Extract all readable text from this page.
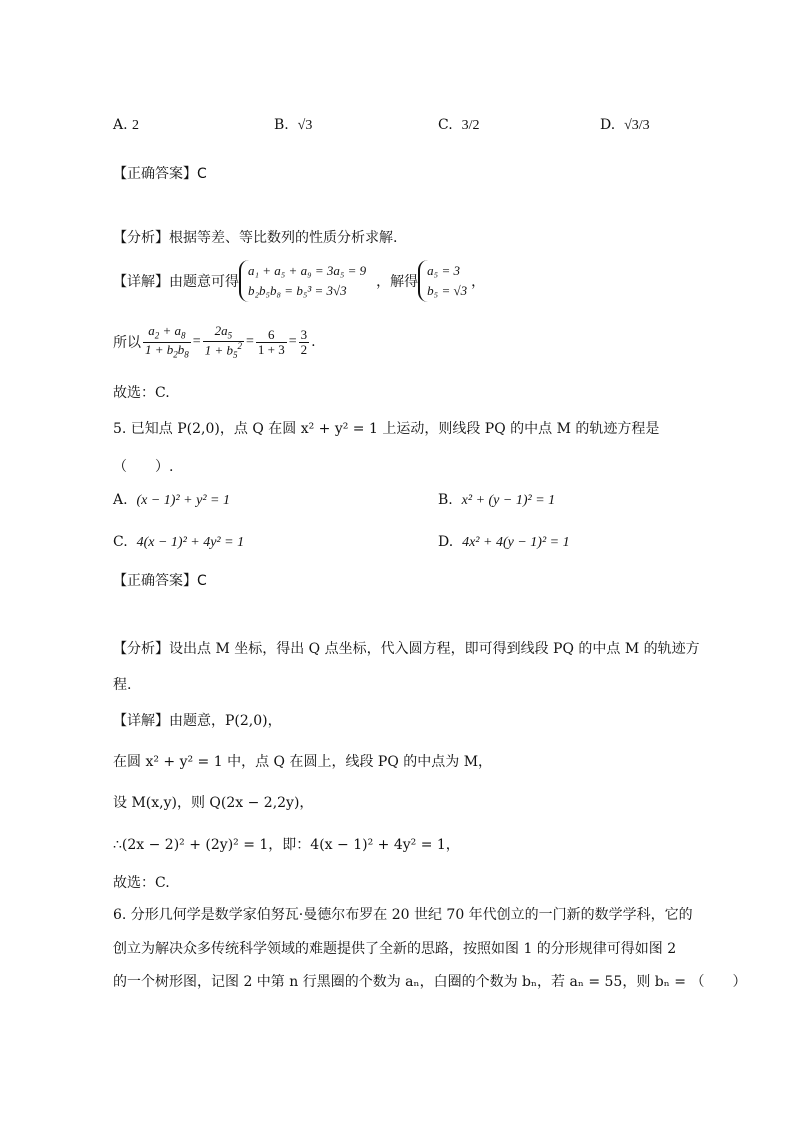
A. 2	B. √3	C. 3/2	D. √3/3
【正确答案】C
【分析】根据等差、等比数列的性质分析求解.
【详解】由题意可得
a₁ + a₅ + a₉ = 3a₅ = 9
b₂b₅b₈ = b₅³ = 3√3
，解得
a₅ = 3
b₅ = √3
，
所以 $\frac{a_2 + a_8}{1 + b_2b_8} = \frac{2a_5}{1 + b_5^2} = \frac{6}{1 + 3} = \frac{3}{2}$ .
故选：C.
5. 已知点 P(2,0)，点 Q 在圆 x² + y² = 1 上运动，则线段 PQ 的中点 M 的轨迹方程是
（　　）.
A. (x − 1)² + y² = 1	B. x² + (y − 1)² = 1
C. 4(x − 1)² + 4y² = 1	D. 4x² + 4(y − 1)² = 1
【正确答案】C
【分析】设出点 M 坐标，得出 Q 点坐标，代入圆方程，即可得到线段 PQ 的中点 M 的轨迹方
程.
【详解】由题意，P(2,0)，
在圆 x² + y² = 1 中，点 Q 在圆上，线段 PQ 的中点为 M，
设 M(x,y)，则 Q(2x − 2,2y)，
∴(2x − 2)² + (2y)² = 1，即：4(x − 1)² + 4y² = 1，
故选：C.
6. 分形几何学是数学家伯努瓦·曼德尔布罗在 20 世纪 70 年代创立的一门新的数学学科，它的
创立为解决众多传统科学领域的难题提供了全新的思路，按照如图 1 的分形规律可得如图 2
的一个树形图，记图 2 中第 n 行黑圈的个数为 aₙ，白圈的个数为 bₙ，若 aₙ = 55，则 bₙ = （　　）
